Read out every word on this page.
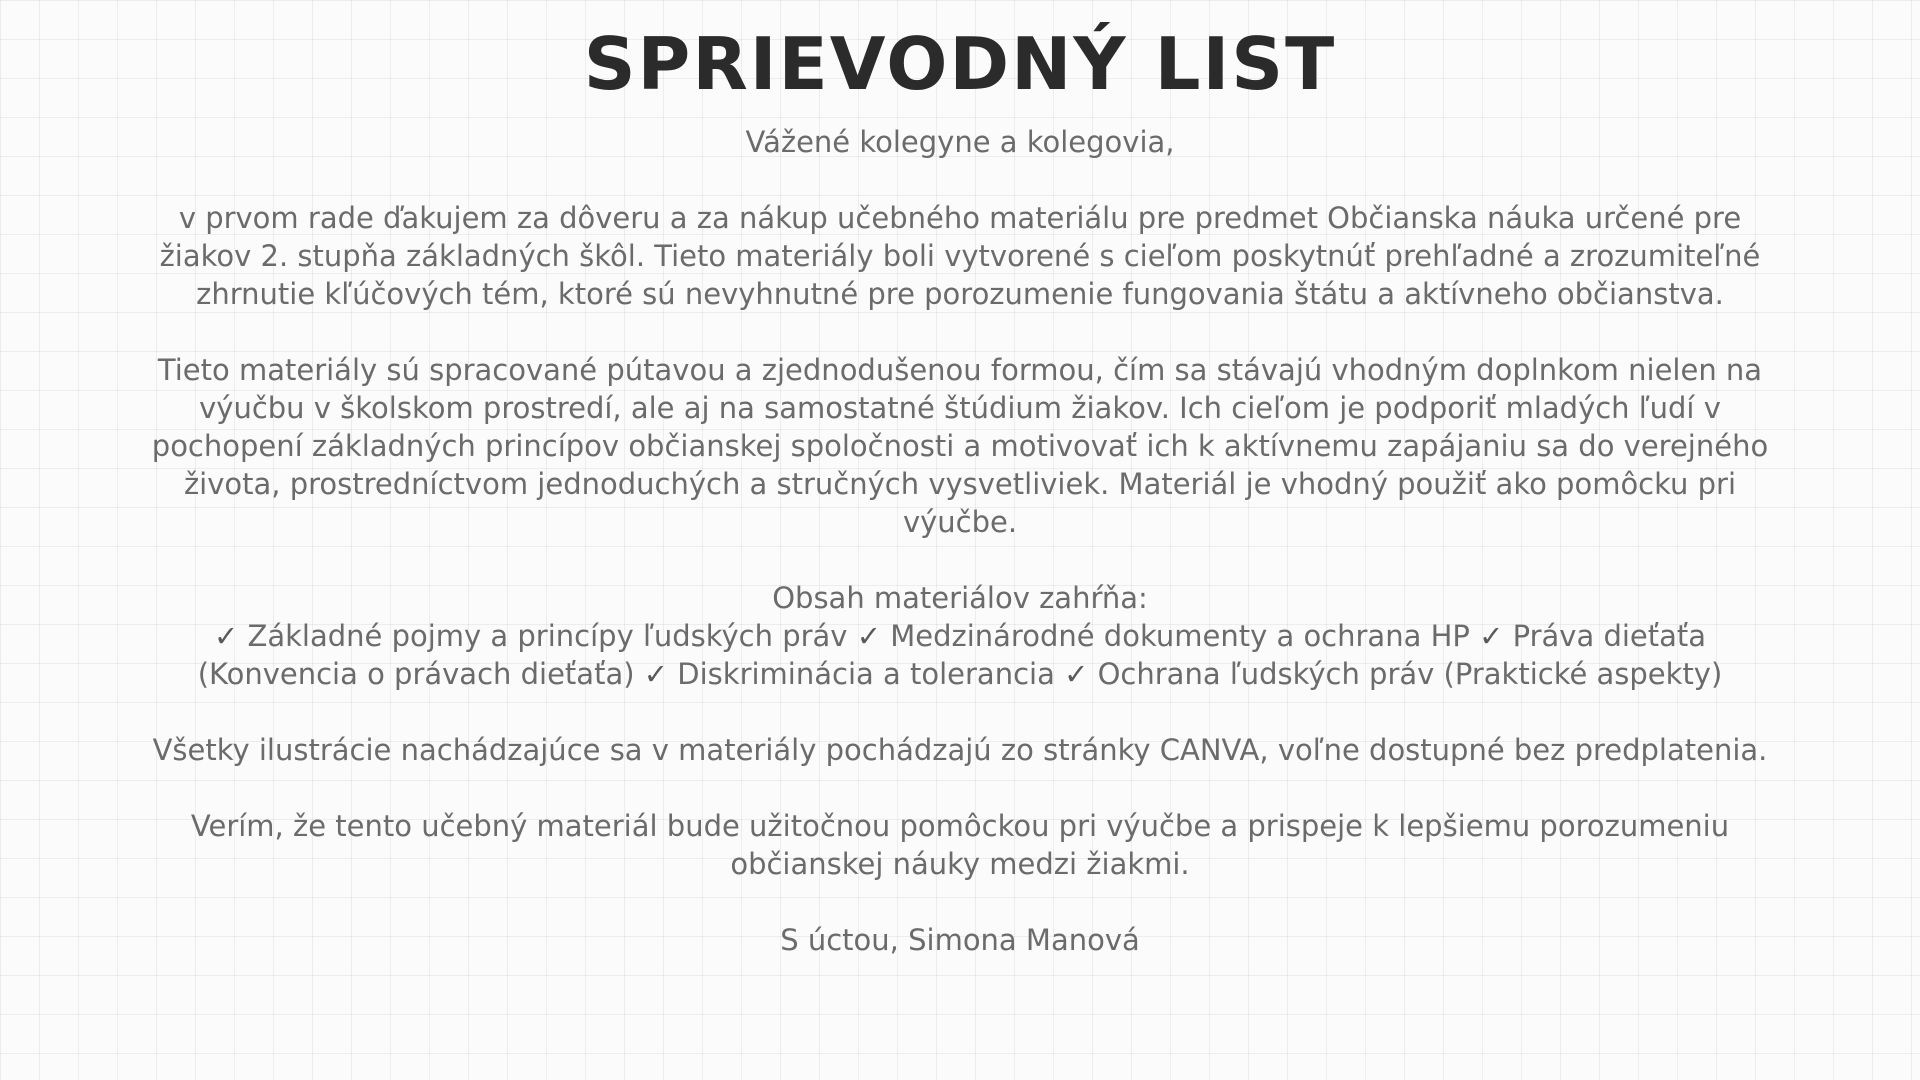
SPRIEVODNÝ LIST

Vážené kolegyne a kolegovia,

v prvom rade ďakujem za dôveru a za nákup učebného materiálu pre predmet Občianska náuka určené pre žiakov 2. stupňa základných škôl. Tieto materiály boli vytvorené s cieľom poskytnúť prehľadné a zrozumiteľné zhrnutie kľúčových tém, ktoré sú nevyhnutné pre porozumenie fungovania štátu a aktívneho občianstva.

Tieto materiály sú spracované pútavou a zjednodušenou formou, čím sa stávajú vhodným doplnkom nielen na výučbu v školskom prostredí, ale aj na samostatné štúdium žiakov. Ich cieľom je podporiť mladých ľudí v pochopení základných princípov občianskej spoločnosti a motivovať ich k aktívnemu zapájaniu sa do verejného života, prostredníctvom jednoduchých a stručných vysvetliviek. Materiál je vhodný použiť ako pomôcku pri výučbe.

Obsah materiálov zahŕňa:

✓ Základné pojmy a princípy ľudských práv ✓ Medzinárodné dokumenty a ochrana HP ✓ Práva dieťaťa (Konvencia o právach dieťaťa) ✓ Diskriminácia a tolerancia ✓ Ochrana ľudských práv (Praktické aspekty)

Všetky ilustrácie nachádzajúce sa v materiály pochádzajú zo stránky CANVA, voľne dostupné bez predplatenia.

Verím, že tento učebný materiál bude užitočnou pomôckou pri výučbe a prispeje k lepšiemu porozumeniu občianskej náuky medzi žiakmi.

S úctou, Simona Manová
